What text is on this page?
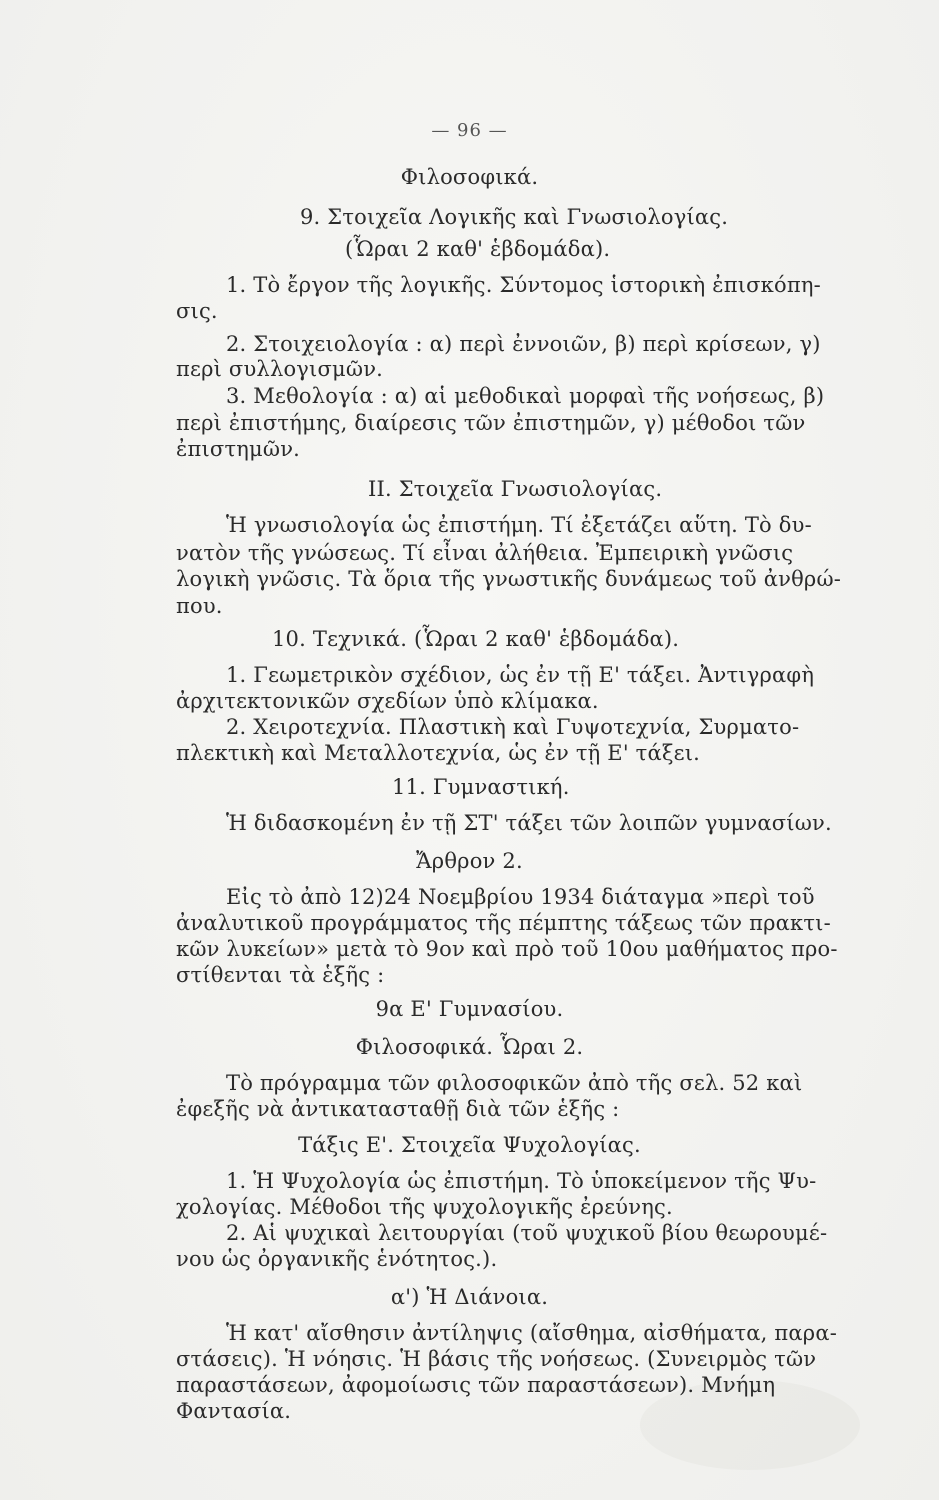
— 96 —
Φιλοσοφικά.
9. Στοιχεῖα Λογικῆς καὶ Γνωσιολογίας.
(Ὧραι 2 καθ' ἑβδομάδα).
1. Τὸ ἔργον τῆς λογικῆς. Σύντομος ἱστορικὴ ἐπισκόπη-
σις.
2. Στοιχειολογία : α) περὶ ἐννοιῶν, β) περὶ κρίσεων, γ)
περὶ συλλογισμῶν.
3. Μεθολογία : α) αἱ μεθοδικαὶ μορφαὶ τῆς νοήσεως, β)
περὶ ἐπιστήμης, διαίρεσις τῶν ἐπιστημῶν, γ) μέθοδοι τῶν
ἐπιστημῶν.
II. Στοιχεῖα Γνωσιολογίας.
Ἡ γνωσιολογία ὡς ἐπιστήμη. Τί ἐξετάζει αὕτη. Τὸ δυ-
νατὸν τῆς γνώσεως. Τί εἶναι ἀλήθεια. Ἐμπειρικὴ γνῶσις
λογικὴ γνῶσις. Τὰ ὅρια τῆς γνωστικῆς δυνάμεως τοῦ ἀνθρώ-
που.
10. Τεχνικά. (Ὧραι 2 καθ' ἑβδομάδα).
1. Γεωμετρικὸν σχέδιον, ὡς ἐν τῇ Ε' τάξει. Ἀντιγραφὴ
ἀρχιτεκτονικῶν σχεδίων ὑπὸ κλίμακα.
2. Χειροτεχνία. Πλαστικὴ καὶ Γυψοτεχνία, Συρματο-
πλεκτικὴ καὶ Μεταλλοτεχνία, ὡς ἐν τῇ Ε' τάξει.
11. Γυμναστική.
Ἡ διδασκομένη ἐν τῇ ΣΤ' τάξει τῶν λοιπῶν γυμνασίων.
Ἄρθρον 2.
Εἰς τὸ ἀπὸ 12)24 Νοεμβρίου 1934 διάταγμα »περὶ τοῦ
ἀναλυτικοῦ προγράμματος τῆς πέμπτης τάξεως τῶν πρακτι-
κῶν λυκείων» μετὰ τὸ 9ον καὶ πρὸ τοῦ 10ου μαθήματος προ-
στίθενται τὰ ἑξῆς :
9α Ε' Γυμνασίου.
Φιλοσοφικά. Ὧραι 2.
Τὸ πρόγραμμα τῶν φιλοσοφικῶν ἀπὸ τῆς σελ. 52 καὶ
ἐφεξῆς νὰ ἀντικατασταθῇ διὰ τῶν ἑξῆς :
Τάξις Ε'. Στοιχεῖα Ψυχολογίας.
1. Ἡ Ψυχολογία ὡς ἐπιστήμη. Τὸ ὑποκείμενον τῆς Ψυ-
χολογίας. Μέθοδοι τῆς ψυχολογικῆς ἐρεύνης.
2. Αἱ ψυχικαὶ λειτουργίαι (τοῦ ψυχικοῦ βίου θεωρουμέ-
νου ὡς ὀργανικῆς ἑνότητος.).
α') Ἡ Διάνοια.
Ἡ κατ' αἴσθησιν ἀντίληψις (αἴσθημα, αἰσθήματα, παρα-
στάσεις). Ἡ νόησις. Ἡ βάσις τῆς νοήσεως. (Συνειρμὸς τῶν
παραστάσεων, ἀφομοίωσις τῶν παραστάσεων). Μνήμη
Φαντασία.
